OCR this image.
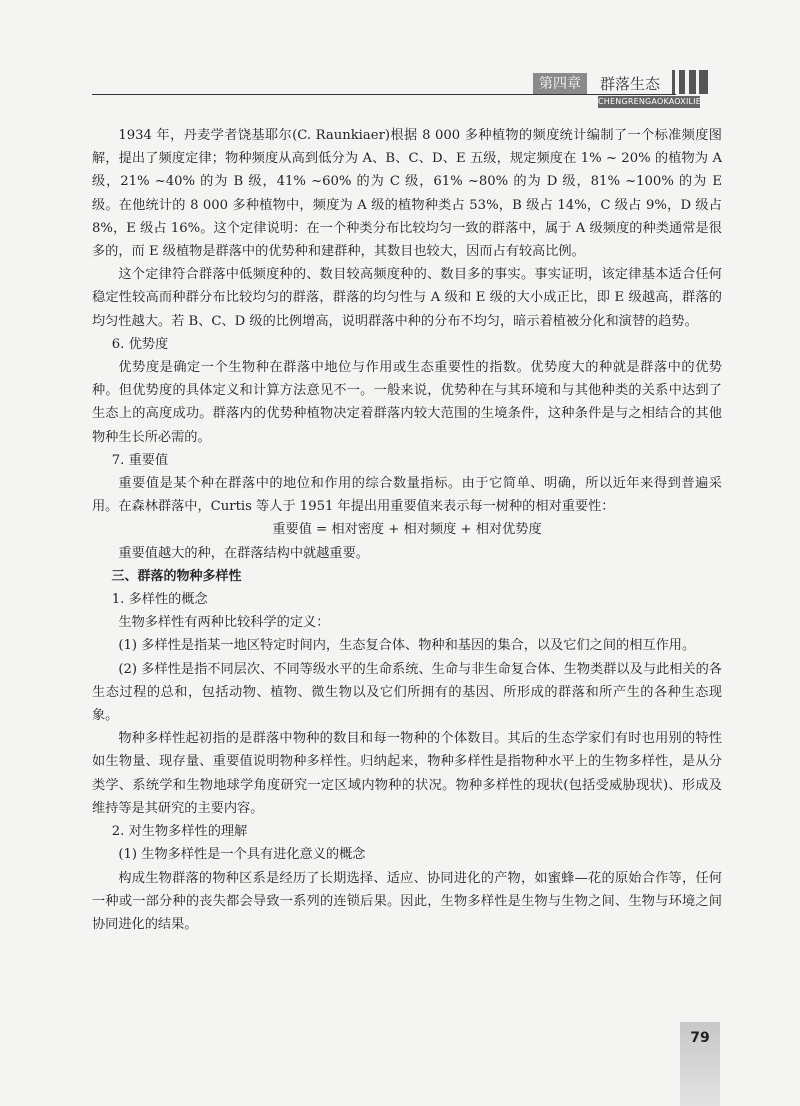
第四章	群落生态
CHENGRENGAOKAOXILIE

1934 年，丹麦学者饶基耶尔(C. Raunkiaer)根据 8 000 多种植物的频度统计编制了一个标准频度图解，提出了频度定律；物种频度从高到低分为 A、B、C、D、E 五级，规定频度在 1% ~ 20% 的植物为 A 级，21% ~40% 的为 B 级，41% ~60% 的为 C 级，61% ~80% 的为 D 级，81% ~100% 的为 E 级。在他统计的 8 000 多种植物中，频度为 A 级的植物种类占 53%，B 级占 14%，C 级占 9%，D 级占 8%，E 级占 16%。这个定律说明：在一个种类分布比较均匀一致的群落中，属于 A 级频度的种类通常是很多的，而 E 级植物是群落中的优势种和建群种，其数目也较大，因而占有较高比例。

这个定律符合群落中低频度种的、数目较高频度种的、数目多的事实。事实证明，该定律基本适合任何稳定性较高而种群分布比较均匀的群落，群落的均匀性与 A 级和 E 级的大小成正比，即 E 级越高，群落的均匀性越大。若 B、C、D 级的比例增高，说明群落中种的分布不均匀，暗示着植被分化和演替的趋势。

6. 优势度

优势度是确定一个生物种在群落中地位与作用或生态重要性的指数。优势度大的种就是群落中的优势种。但优势度的具体定义和计算方法意见不一。一般来说，优势种在与其环境和与其他种类的关系中达到了生态上的高度成功。群落内的优势种植物决定着群落内较大范围的生境条件，这种条件是与之相结合的其他物种生长所必需的。

7. 重要值

重要值是某个种在群落中的地位和作用的综合数量指标。由于它简单、明确，所以近年来得到普遍采用。在森林群落中，Curtis 等人于 1951 年提出用重要值来表示每一树种的相对重要性：

重要值 = 相对密度 + 相对频度 + 相对优势度

重要值越大的种，在群落结构中就越重要。

三、群落的物种多样性

1. 多样性的概念

生物多样性有两种比较科学的定义：

(1) 多样性是指某一地区特定时间内，生态复合体、物种和基因的集合，以及它们之间的相互作用。

(2) 多样性是指不同层次、不同等级水平的生命系统、生命与非生命复合体、生物类群以及与此相关的各生态过程的总和，包括动物、植物、微生物以及它们所拥有的基因、所形成的群落和所产生的各种生态现象。

物种多样性起初指的是群落中物种的数目和每一物种的个体数目。其后的生态学家们有时也用别的特性如生物量、现存量、重要值说明物种多样性。归纳起来，物种多样性是指物种水平上的生物多样性，是从分类学、系统学和生物地球学角度研究一定区域内物种的状况。物种多样性的现状(包括受威胁现状)、形成及维持等是其研究的主要内容。

2. 对生物多样性的理解

(1) 生物多样性是一个具有进化意义的概念

构成生物群落的物种区系是经历了长期选择、适应、协同进化的产物，如蜜蜂—花的原始合作等，任何一种或一部分种的丧失都会导致一系列的连锁后果。因此，生物多样性是生物与生物之间、生物与环境之间协同进化的结果。

79
